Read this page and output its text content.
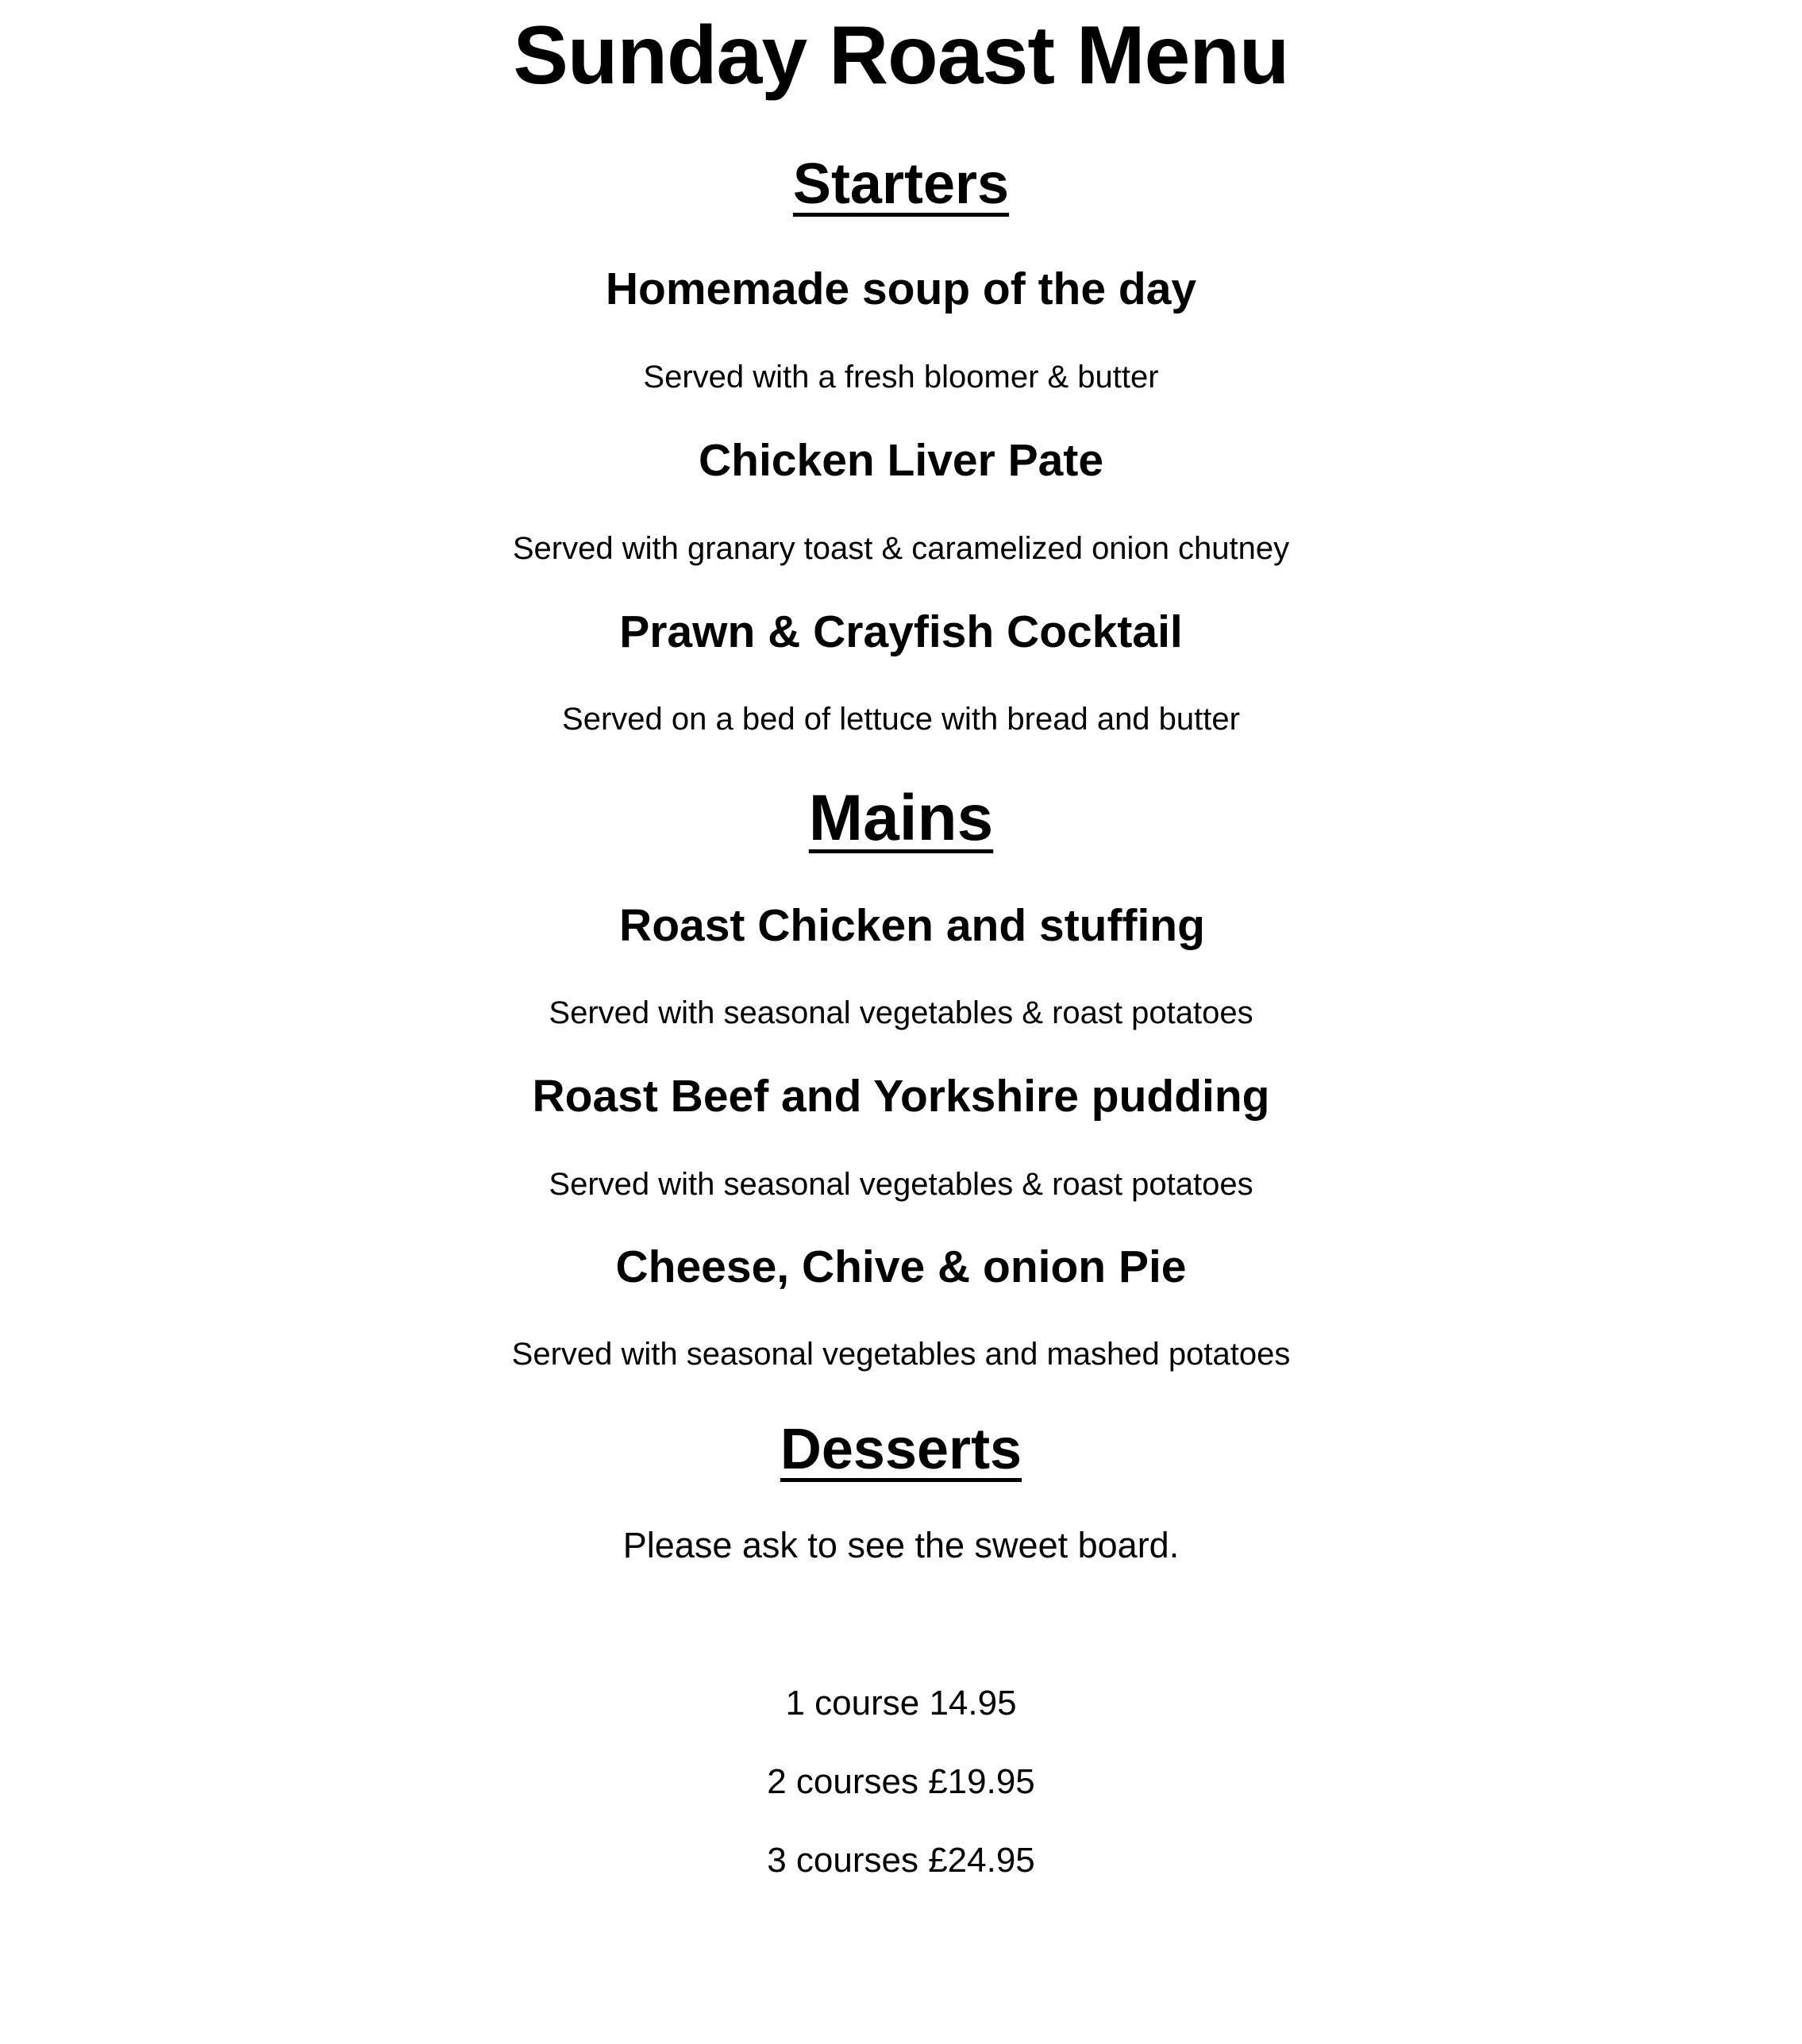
Sunday Roast Menu
Starters
Homemade soup of the day
Served with a fresh bloomer & butter
Chicken Liver Pate
Served with granary toast & caramelized onion chutney
Prawn & Crayfish Cocktail
Served on a bed of lettuce with bread and butter
Mains
Roast Chicken and stuffing
Served with seasonal vegetables & roast potatoes
Roast Beef and Yorkshire pudding
Served with seasonal vegetables & roast potatoes
Cheese, Chive & onion Pie
Served with seasonal vegetables and mashed potatoes
Desserts
Please ask to see the sweet board.
1 course 14.95
2 courses £19.95
3 courses £24.95
